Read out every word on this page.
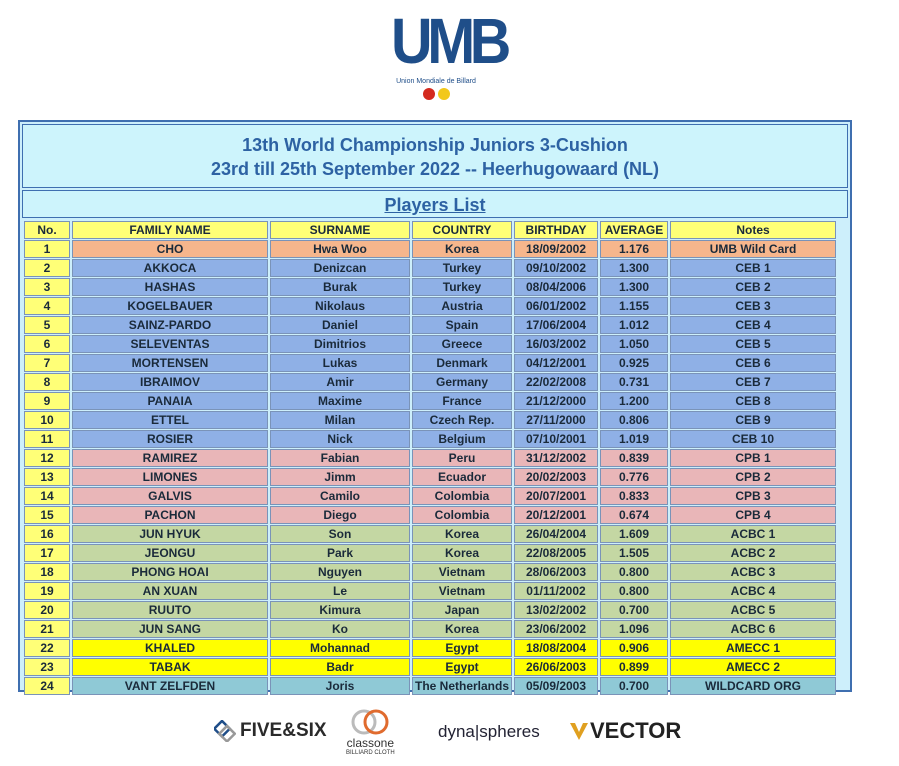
UMB
Union Mondiale de Billard
13th World Championship Juniors 3-Cushion
23rd till 25th September 2022 -- Heerhugowaard (NL)
Players List
No.	FAMILY NAME	SURNAME	COUNTRY	BIRTHDAY	AVERAGE	Notes
1	CHO	Hwa Woo	Korea	18/09/2002	1.176	UMB Wild Card
2	AKKOCA	Denizcan	Turkey	09/10/2002	1.300	CEB 1
3	HASHAS	Burak	Turkey	08/04/2006	1.300	CEB 2
4	KOGELBAUER	Nikolaus	Austria	06/01/2002	1.155	CEB 3
5	SAINZ-PARDO	Daniel	Spain	17/06/2004	1.012	CEB 4
6	SELEVENTAS	Dimitrios	Greece	16/03/2002	1.050	CEB 5
7	MORTENSEN	Lukas	Denmark	04/12/2001	0.925	CEB 6
8	IBRAIMOV	Amir	Germany	22/02/2008	0.731	CEB 7
9	PANAIA	Maxime	France	21/12/2000	1.200	CEB 8
10	ETTEL	Milan	Czech Rep.	27/11/2000	0.806	CEB 9
11	ROSIER	Nick	Belgium	07/10/2001	1.019	CEB 10
12	RAMIREZ	Fabian	Peru	31/12/2002	0.839	CPB 1
13	LIMONES	Jimm	Ecuador	20/02/2003	0.776	CPB 2
14	GALVIS	Camilo	Colombia	20/07/2001	0.833	CPB 3
15	PACHON	Diego	Colombia	20/12/2001	0.674	CPB 4
16	JUN HYUK	Son	Korea	26/04/2004	1.609	ACBC 1
17	JEONGU	Park	Korea	22/08/2005	1.505	ACBC 2
18	PHONG HOAI	Nguyen	Vietnam	28/06/2003	0.800	ACBC 3
19	AN XUAN	Le	Vietnam	01/11/2002	0.800	ACBC 4
20	RUUTO	Kimura	Japan	13/02/2002	0.700	ACBC 5
21	JUN SANG	Ko	Korea	23/06/2002	1.096	ACBC 6
22	KHALED	Mohannad	Egypt	18/08/2004	0.906	AMECC 1
23	TABAK	Badr	Egypt	26/06/2003	0.899	AMECC 2
24	VANT ZELFDEN	Joris	The Netherlands	05/09/2003	0.700	WILDCARD ORG
FIVE&SIX
classone
BILLIARD CLOTH
dyna|spheres VECTOR
